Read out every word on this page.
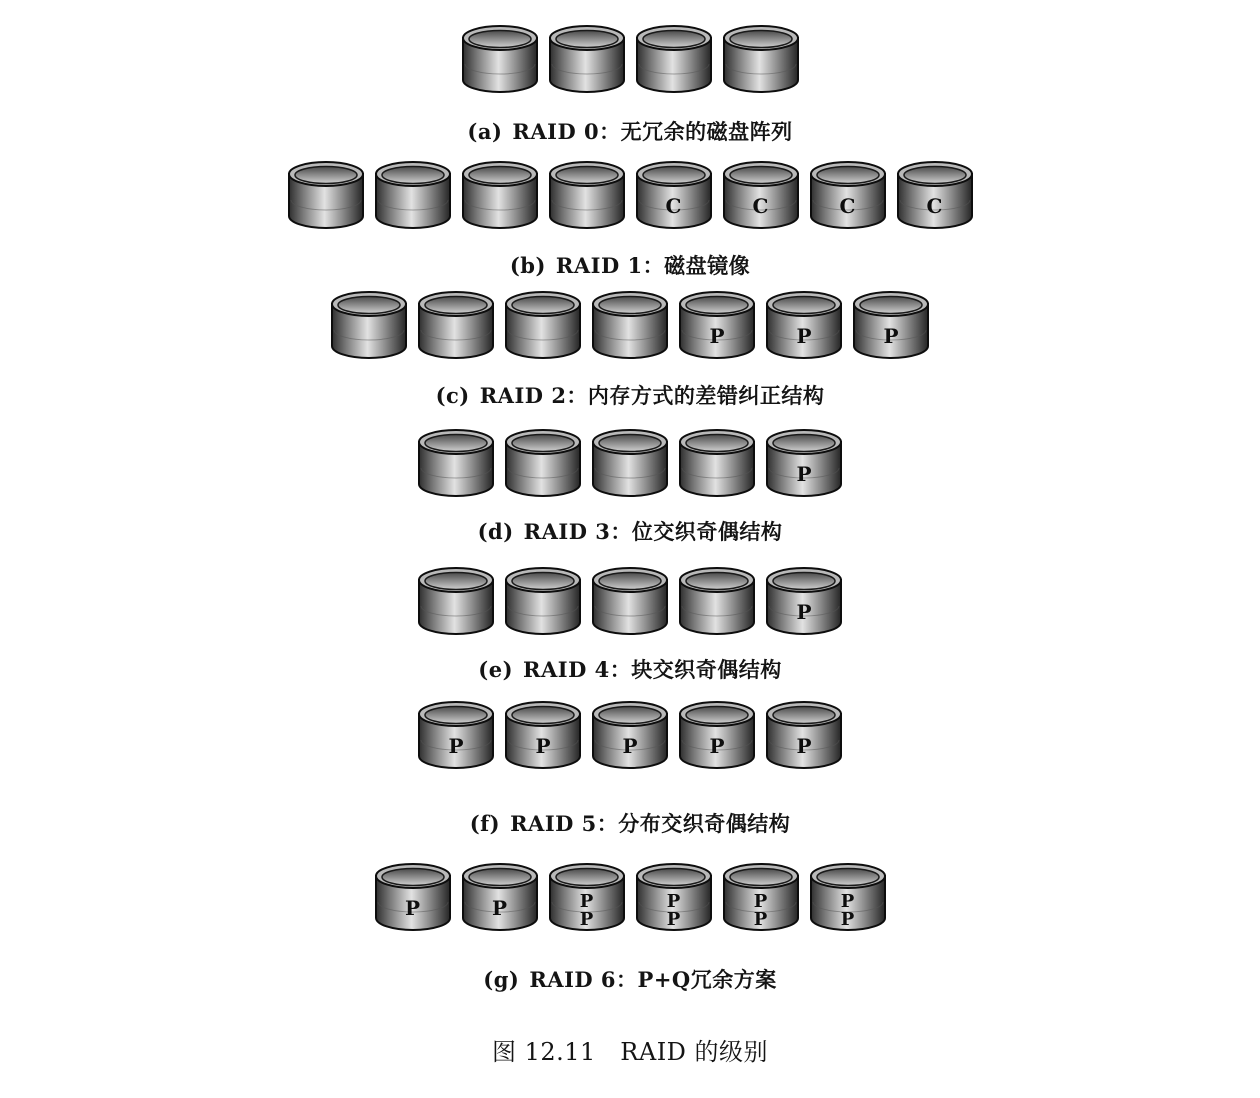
(a) RAID 0：无冗余的磁盘阵列
C	C	C	C
(b) RAID 1：磁盘镜像
P	P	P
(c) RAID 2：内存方式的差错纠正结构
P
(d) RAID 3：位交织奇偶结构
P
(e) RAID 4：块交织奇偶结构
P	P	P	P	P
(f) RAID 5：分布交织奇偶结构
P	P	P
P
P
P
P
P
P
P
(g) RAID 6：P+Q冗余方案
图 12.11　RAID 的级别
